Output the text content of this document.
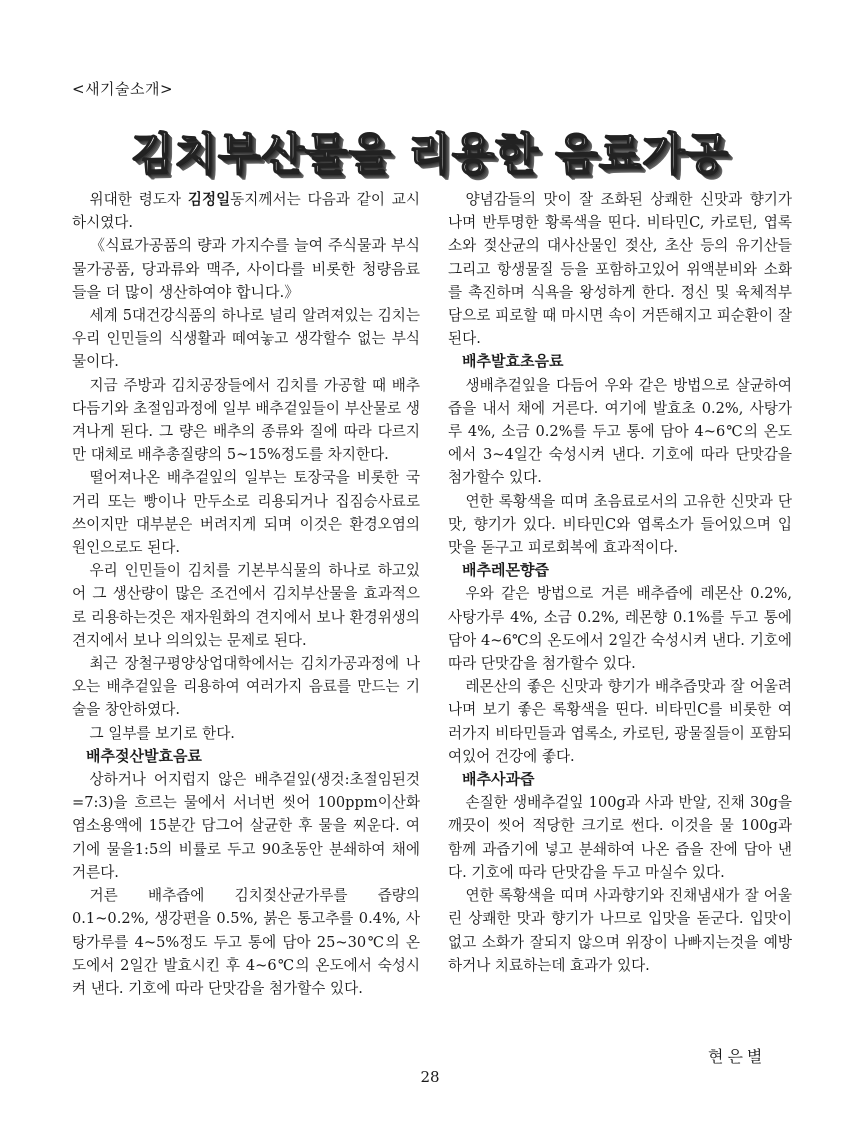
<새기술소개>
김치부산물을 리용한 음료가공

위대한 령도자 김정일동지께서는 다음과 같이 교시하시였다.

《식료가공품의 량과 가지수를 늘여 주식물과 부식물가공품, 당과류와 맥주, 사이다를 비롯한 청량음료들을 더 많이 생산하여야 합니다.》

세계 5대건강식품의 하나로 널리 알려져있는 김치는 우리 인민들의 식생활과 떼여놓고 생각할수 없는 부식물이다.

지금 주방과 김치공장들에서 김치를 가공할 때 배추다듬기와 초절임과정에 일부 배추겉잎들이 부산물로 생겨나게 된다. 그 량은 배추의 종류와 질에 따라 다르지만 대체로 배추총질량의 5~15%정도를 차지한다.

떨어져나온 배추겉잎의 일부는 토장국을 비롯한 국거리 또는 빵이나 만두소로 리용되거나 집짐승사료로 쓰이지만 대부분은 버려지게 되며 이것은 환경오염의 원인으로도 된다.

우리 인민들이 김치를 기본부식물의 하나로 하고있어 그 생산량이 많은 조건에서 김치부산물을 효과적으로 리용하는것은 재자원화의 견지에서 보나 환경위생의 견지에서 보나 의의있는 문제로 된다.

최근 장철구평양상업대학에서는 김치가공과정에 나오는 배추겉잎을 리용하여 여러가지 음료를 만드는 기술을 창안하였다.

그 일부를 보기로 한다.

배추젖산발효음료

상하거나 어지럽지 않은 배추겉잎(생것:초절임된것=7:3)을 흐르는 물에서 서너번 씻어 100ppm이산화염소용액에 15분간 담그어 살균한 후 물을 찌운다. 여기에 물을1:5의 비률로 두고 90초동안 분쇄하여 채에 거른다.

거른 배추즙에 김치젖산균가루를 즙량의 0.1~0.2%, 생강편을 0.5%, 붉은 통고추를 0.4%, 사탕가루를 4~5%정도 두고 통에 담아 25~30℃의 온도에서 2일간 발효시킨 후 4~6℃의 온도에서 숙성시켜 낸다. 기호에 따라 단맛감을 첨가할수 있다.

양념감들의 맛이 잘 조화된 상쾌한 신맛과 향기가 나며 반투명한 황록색을 띤다. 비타민C, 카로틴, 엽록소와 젖산균의 대사산물인 젖산, 초산 등의 유기산들 그리고 항생물질 등을 포함하고있어 위액분비와 소화를 촉진하며 식욕을 왕성하게 한다. 정신 및 육체적부담으로 피로할 때 마시면 속이 거뜬해지고 피순환이 잘된다.

배추발효초음료

생배추겉잎을 다듬어 우와 같은 방법으로 살균하여 즙을 내서 채에 거른다. 여기에 발효초 0.2%, 사탕가루 4%, 소금 0.2%를 두고 통에 담아 4~6℃의 온도에서 3~4일간 숙성시켜 낸다. 기호에 따라 단맛감을 첨가할수 있다.

연한 록황색을 띠며 초음료로서의 고유한 신맛과 단맛, 향기가 있다. 비타민C와 엽록소가 들어있으며 입맛을 돋구고 피로회복에 효과적이다.

배추레몬향즙

우와 같은 방법으로 거른 배추즙에 레몬산 0.2%, 사탕가루 4%, 소금 0.2%, 레몬향 0.1%를 두고 통에 담아 4~6℃의 온도에서 2일간 숙성시켜 낸다. 기호에 따라 단맛감을 첨가할수 있다.

레몬산의 좋은 신맛과 향기가 배추즙맛과 잘 어울려 나며 보기 좋은 록황색을 띤다. 비타민C를 비롯한 여러가지 비타민들과 엽록소, 카로틴, 광물질들이 포함되여있어 건강에 좋다.

배추사과즙

손질한 생배추겉잎 100g과 사과 반알, 진채 30g을 깨끗이 씻어 적당한 크기로 썬다. 이것을 물 100g과 함께 과즙기에 넣고 분쇄하여 나온 즙을 잔에 담아 낸다. 기호에 따라 단맛감을 두고 마실수 있다.

연한 록황색을 띠며 사과향기와 진채냄새가 잘 어울린 상쾌한 맛과 향기가 나므로 입맛을 돋군다. 입맛이 없고 소화가 잘되지 않으며 위장이 나빠지는것을 예방하거나 치료하는데 효과가 있다.

현은별
28
